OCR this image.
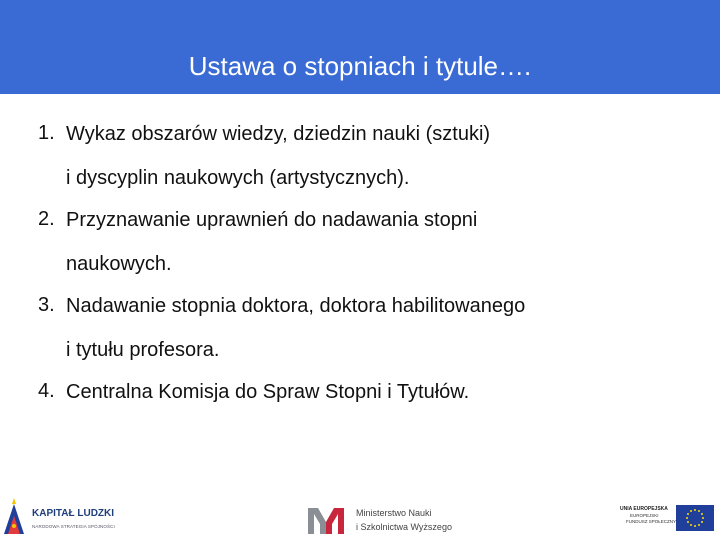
Ustawa o stopniach i tytule….
1. Wykaz obszarów wiedzy, dziedzin nauki (sztuki)
i dyscyplin naukowych (artystycznych).
2. Przyznawanie uprawnień do nadawania stopni
naukowych.
3. Nadawanie stopnia doktora, doktora habilitowanego
i tytułu profesora.
4. Centralna Komisja do Spraw Stopni i Tytułów.
KAPITAŁ LUDZKI
NARODOWA STRATEGIA SPÓJNOŚCI
Ministerstwo Nauki
i Szkolnictwa Wyższego
UNIA EUROPEJSKA
EUROPEJSKI
FUNDUSZ SPOŁECZNY
